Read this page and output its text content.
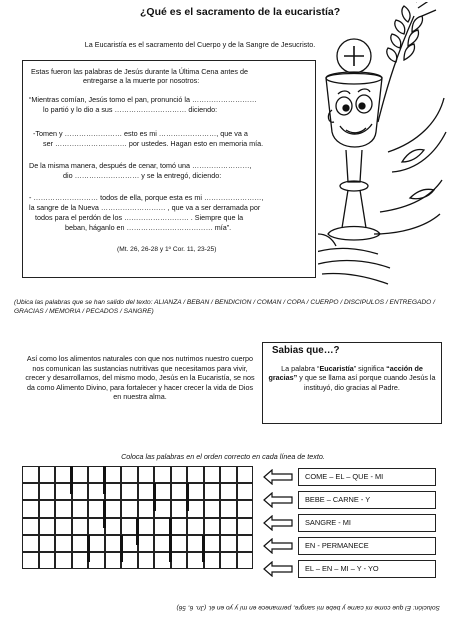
¿Qué es el sacramento de la eucaristía?
La Eucaristía es el sacramento del Cuerpo y de la Sangre de Jesucristo.
Estas fueron las palabras de Jesús durante la Última Cena antes de
entregarse a la muerte por nosotros:
“Mientras comían, Jesús tomo el pan, pronunció la ………………………
lo partió y lo dio a sus ………………………… diciendo:
-Tomen y …………………… esto es mi ……………………, que va a
ser ………………………… por ustedes. Hagan esto en memoria mía.
De la misma manera, después de cenar, tomó una ……………………,
dio ……………………… y se la entregó, diciendo:
- ……………………… todos de ella, porque esta es mi ……………………,
la sangre de la Nueva ……………………… , que va a ser derramada por
todos para el perdón de los ……………………… . Siempre que la
beban, háganlo en ……………………………… mía”.
(Mt. 26, 26-28 y 1º Cor. 11, 23-25)
(Ubica las palabras que se han salido del texto: ALIANZA / BEBAN / BENDICION / COMAN / COPA / CUERPO / DISCIPULOS / ENTREGADO / GRACIAS / MEMORIA / PECADOS / SANGRE)
Así como los alimentos naturales con que nos nutrimos nuestro cuerpo nos comunican las sustancias nutritivas que necesitamos para vivir, crecer y desarrollarnos, del mismo modo, Jesús en la Eucaristía, se nos da como Alimento Divino, para fortalecer y hacer crecer la vida de Dios en nuestra alma.
Sabias que…?
La palabra “Eucaristía” significa “acción de gracias” y que se llama así porque cuando Jesús la instituyó, dio gracias al Padre.
Coloca las palabras en el orden correcto en cada línea de texto.
COME – EL – QUE - MI
BEBE – CARNE - Y
SANGRE - MI
EN - PERMANECE
EL – EN – MI – Y - YO
Solución: El que come mi carne y bebe mi sangre, permanece en mí y yo en él. (Jn. 6, 56)
